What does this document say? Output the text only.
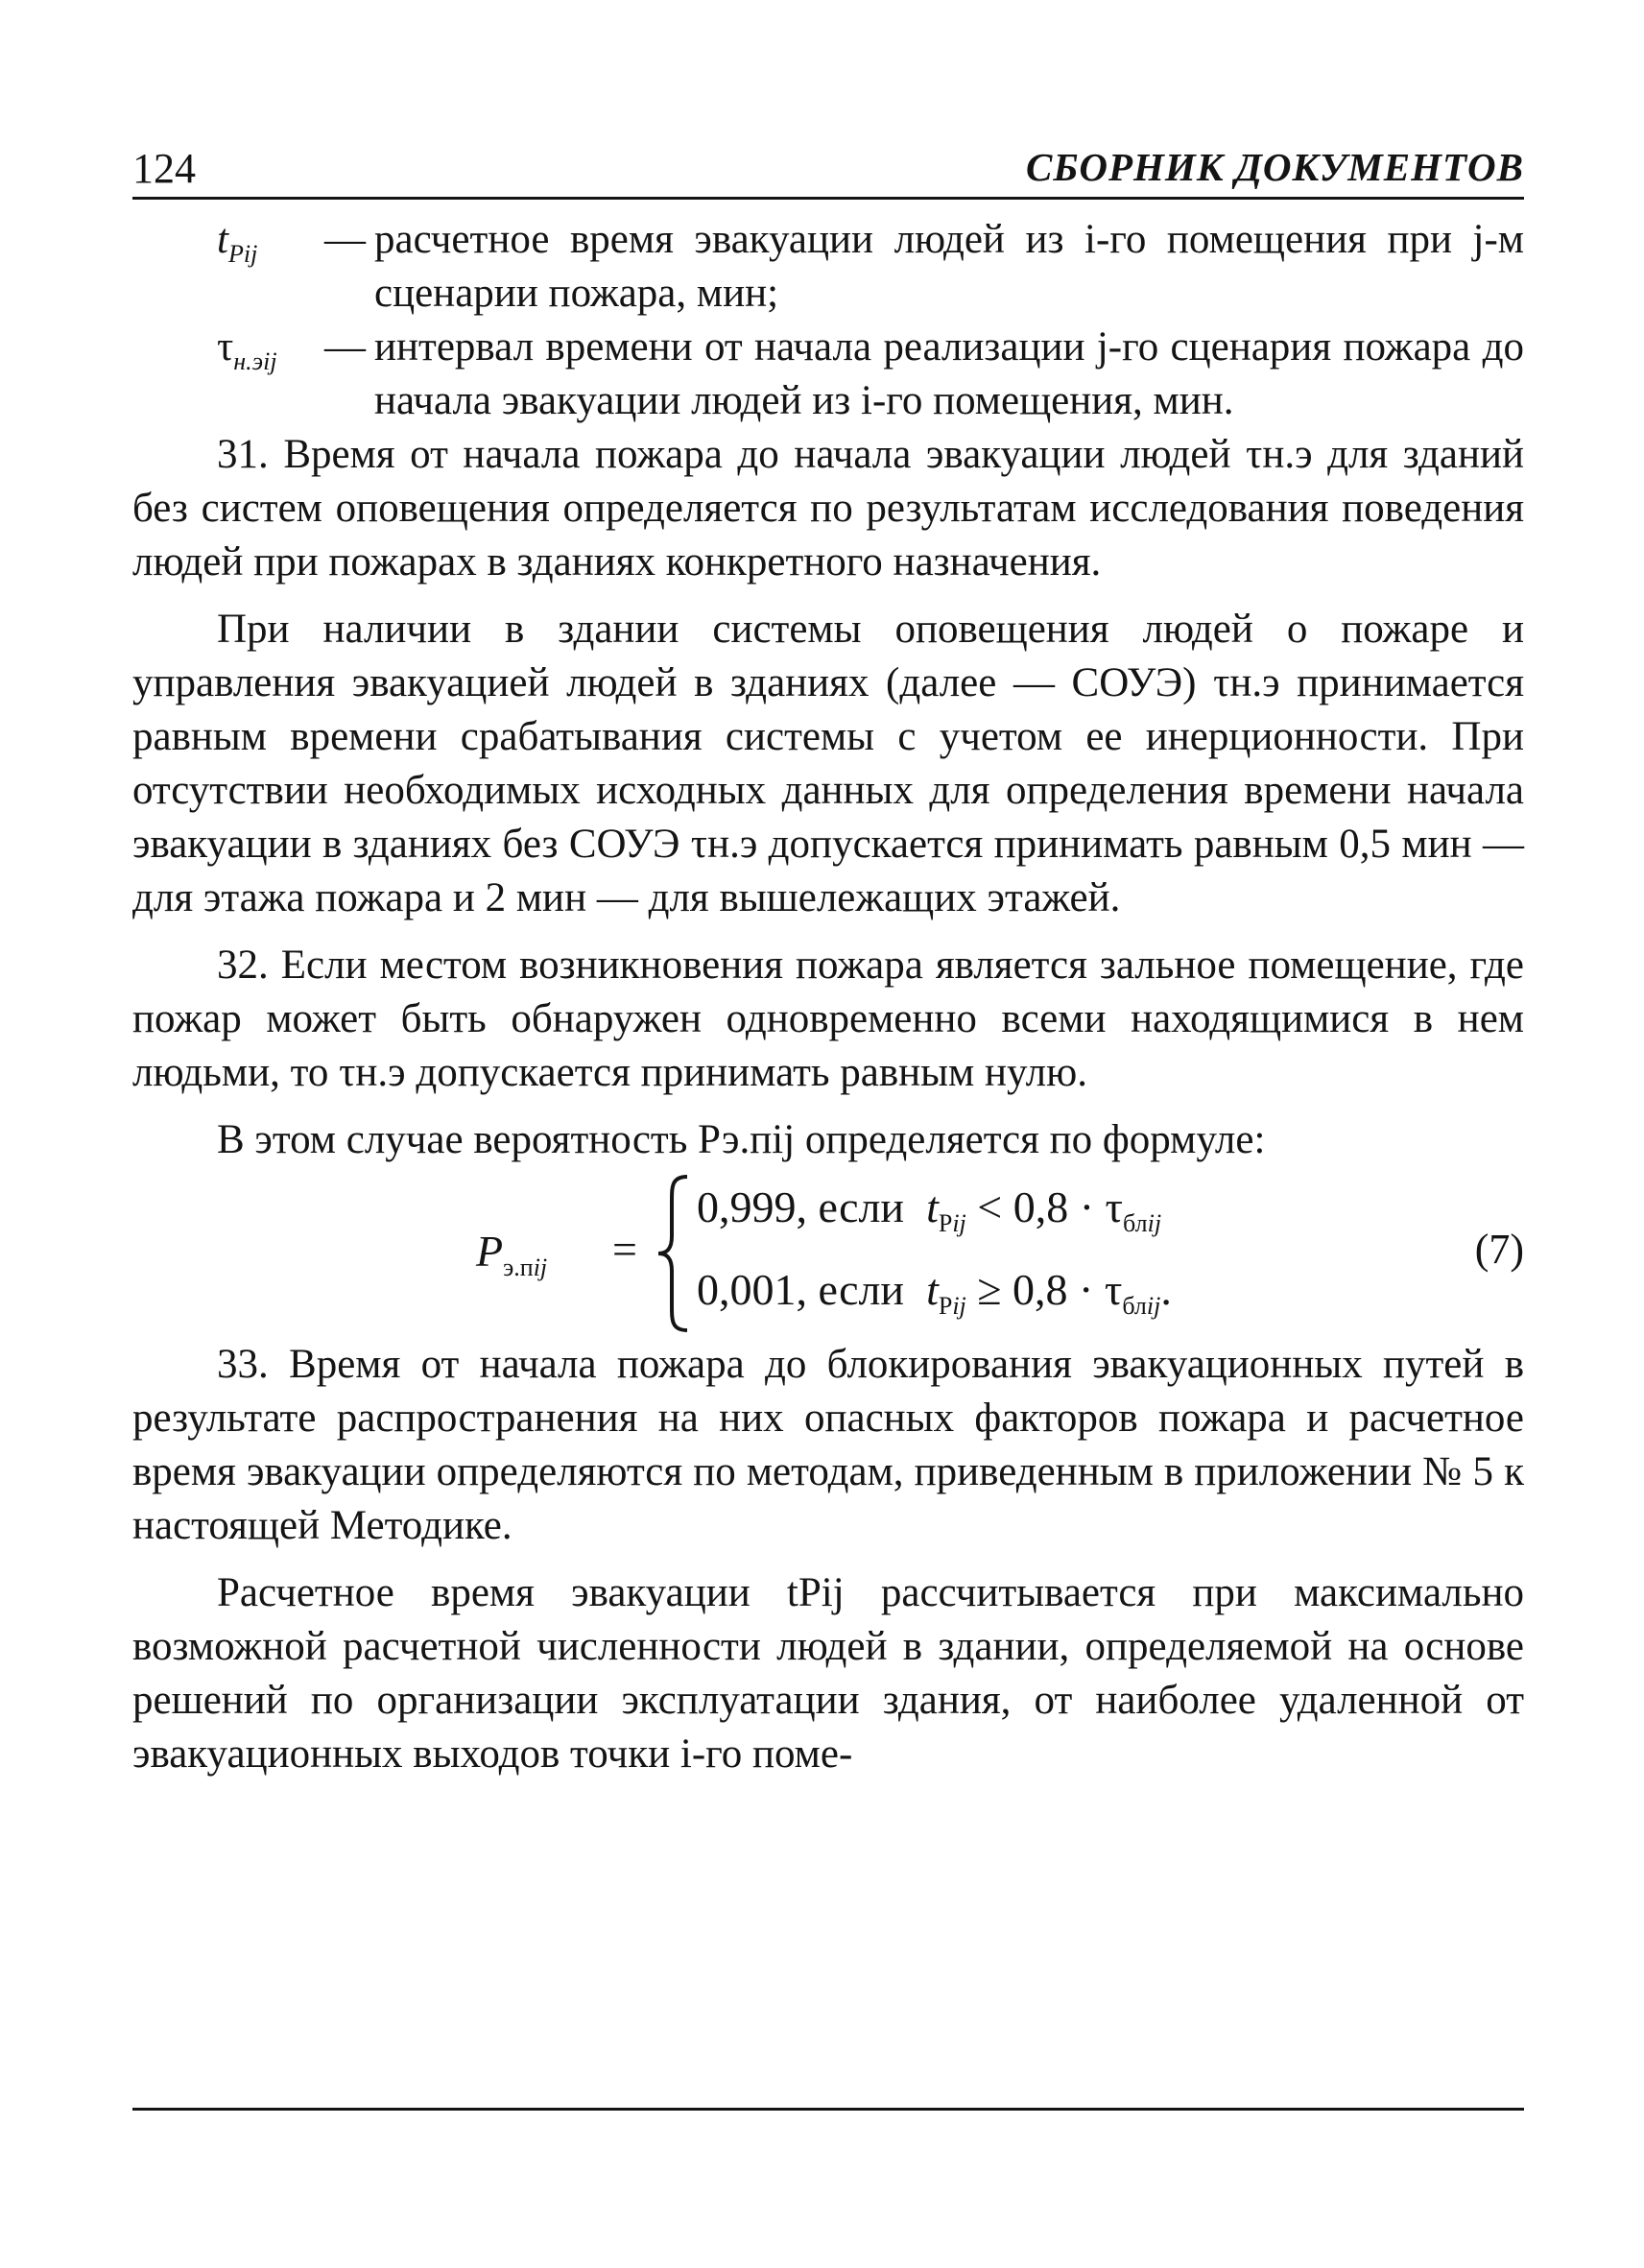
124	СБОРНИК ДОКУМЕНТОВ
$t_{Рij}$	— расчетное время эвакуации людей из i-го помещения при j-м сценарии пожара, мин;
$\tau_{н.эij}$	— интервал времени от начала реализации j-го сценария пожара до начала эвакуации людей из i-го помещения, мин.

31. Время от начала пожара до начала эвакуации людей τн.э для зданий без систем оповещения определяется по результатам исследования поведения людей при пожарах в зданиях конкретного назначения.

При наличии в здании системы оповещения людей о пожаре и управления эвакуацией людей в зданиях (далее — СОУЭ) τн.э принимается равным времени срабатывания системы с учетом ее инерционности. При отсутствии необходимых исходных данных для определения времени начала эвакуации в зданиях без СОУЭ τн.э допускается принимать равным 0,5 мин — для этажа пожара и 2 мин — для вышележащих этажей.

32. Если местом возникновения пожара является зальное помещение, где пожар может быть обнаружен одновременно всеми находящимися в нем людьми, то τн.э допускается принимать равным нулю.

В этом случае вероятность Рэ.пij определяется по формуле:

$P_{э.пij}$ =
0,999, если $t_{Рij} < 0,8 \cdot \tau_{блij}$
0,001, если $t_{Рij} \ge 0,8 \cdot \tau_{блij}$.
(7)

33. Время от начала пожара до блокирования эвакуационных путей в результате распространения на них опасных факторов пожара и расчетное время эвакуации определяются по методам, приведенным в приложении № 5 к настоящей Методике.

Расчетное время эвакуации tРij рассчитывается при максимально возможной расчетной численности людей в здании, определяемой на основе решений по организации эксплуатации здания, от наиболее удаленной от эвакуационных выходов точки i-го поме-
